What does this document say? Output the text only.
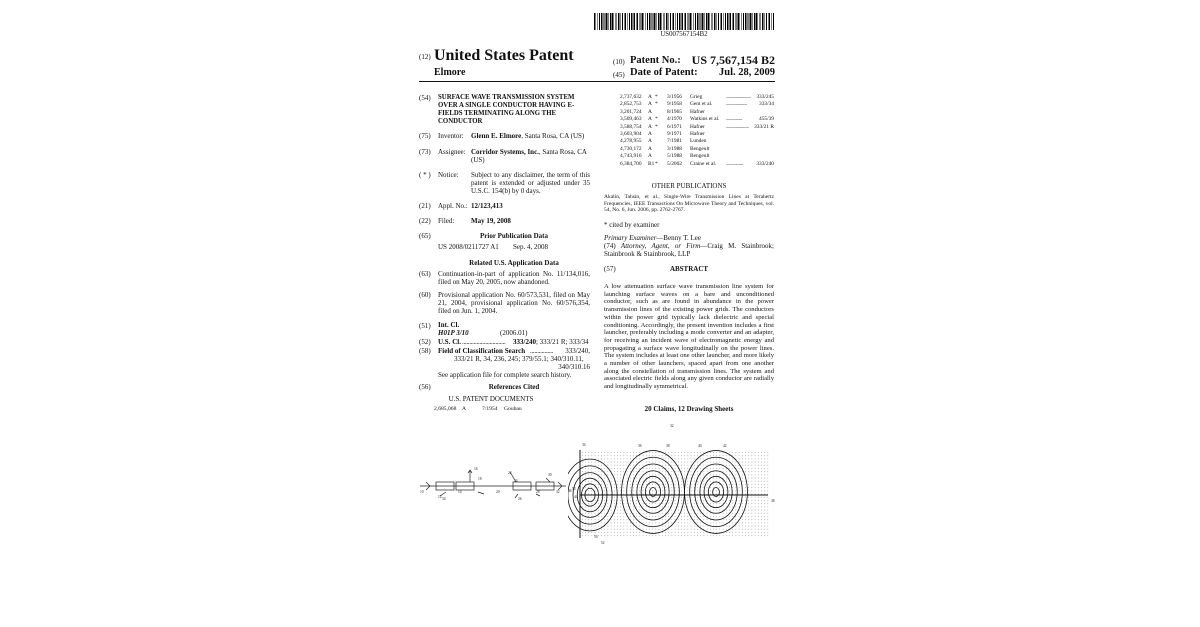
US007567154B2
(12) United States Patent
Elmore
(10) Patent No.: US 7,567,154 B2
(45) Date of Patent:	Jul. 28, 2009
(54) SURFACE WAVE TRANSMISSION SYSTEM OVER A SINGLE CONDUCTOR HAVING E-FIELDS TERMINATING ALONG THE CONDUCTOR
(75) Inventor: Glenn E. Elmore, Santa Rosa, CA (US)
(73) Assignee: Corridor Systems, Inc., Santa Rosa, CA (US)
( * ) Notice: Subject to any disclaimer, the term of this patent is extended or adjusted under 35 U.S.C. 154(b) by 0 days.
(21) Appl. No.: 12/123,413
(22) Filed: May 19, 2008
(65)	Prior Publication Data
US 2008/0211727 A1 Sep. 4, 2008
Related U.S. Application Data
(63) Continuation-in-part of application No. 11/134,016, filed on May 20, 2005, now abandoned.
(60) Provisional application No. 60/573,531, filed on May 21, 2004, provisional application No. 60/576,354, filed on Jun. 1, 2004.
(51) Int. Cl.
H01P 3/10	(2006.01)
(52) U.S. Cl. .............................. 333/240; 333/21 R; 333/34
(58) Field of Classification Search ................	333/240,
333/21 R, 34, 236, 245; 379/55.1; 340/310.11,
340/310.16
See application file for complete search history.
(56)	References Cited
U.S. PATENT DOCUMENTS
2,685,068 A	7/1954 Goubau
2,737,632 A * 3/1956 Grieg	..........................	333/245
2,852,753 A * 9/1958 Gent et al.	......................	333/34
3,201,724 A	8/1965 Hafner
3,509,463 A * 4/1970 Watkins et al. .................	455/39
3,588,754 A * 6/1971 Hafner	........................ 333/21 R
3,603,904 A	9/1971 Hafner
4,278,955 A	7/1981 Lunden
4,730,172 A	3/1988 Bengeult
4,743,916 A	5/1988 Bengeult
6,384,700 B1 * 5/2002 Craine et al. ..................	333/240
OTHER PUBLICATIONS
Akalin, Tahsin, et al., Single-Wire Transmission Lines at Terahertz Frequencies, IEEE Transactions On Microwave Theory and Techniques, vol. 54, No. 6, Jun. 2006, pp. 2762-2767.
* cited by examiner
Primary Examiner—Benny T. Lee
(74) Attorney, Agent, or Firm—Craig M. Stainbrook; Stainbrook & Stainbrook, LLP
(57)	ABSTRACT
A low attenuation surface wave transmission line system for launching surface waves on a bare and unconditioned conductor, such as are found in abundance in the power transmission lines of the existing power grids. The conductors within the power grid typically lack dielectric and special conditioning. Accordingly, the present invention includes a first launcher, preferably including a mode converter and an adapter, for receiving an incident wave of electromagnetic energy and propagating a surface wave longitudinally on the power lines. The system includes at least one other launcher, and more likely a number of other launchers, spaced apart from one another along the constellation of transmission lines. The system and associated electric fields along any given conductor are radially and longitudinally symmetrical.
20 Claims, 12 Drawing Sheets
10
12
14
16
18
20
22
24
26
28
30
32
34
32
34	36	38	40	42
44
46
48
50
52
54
